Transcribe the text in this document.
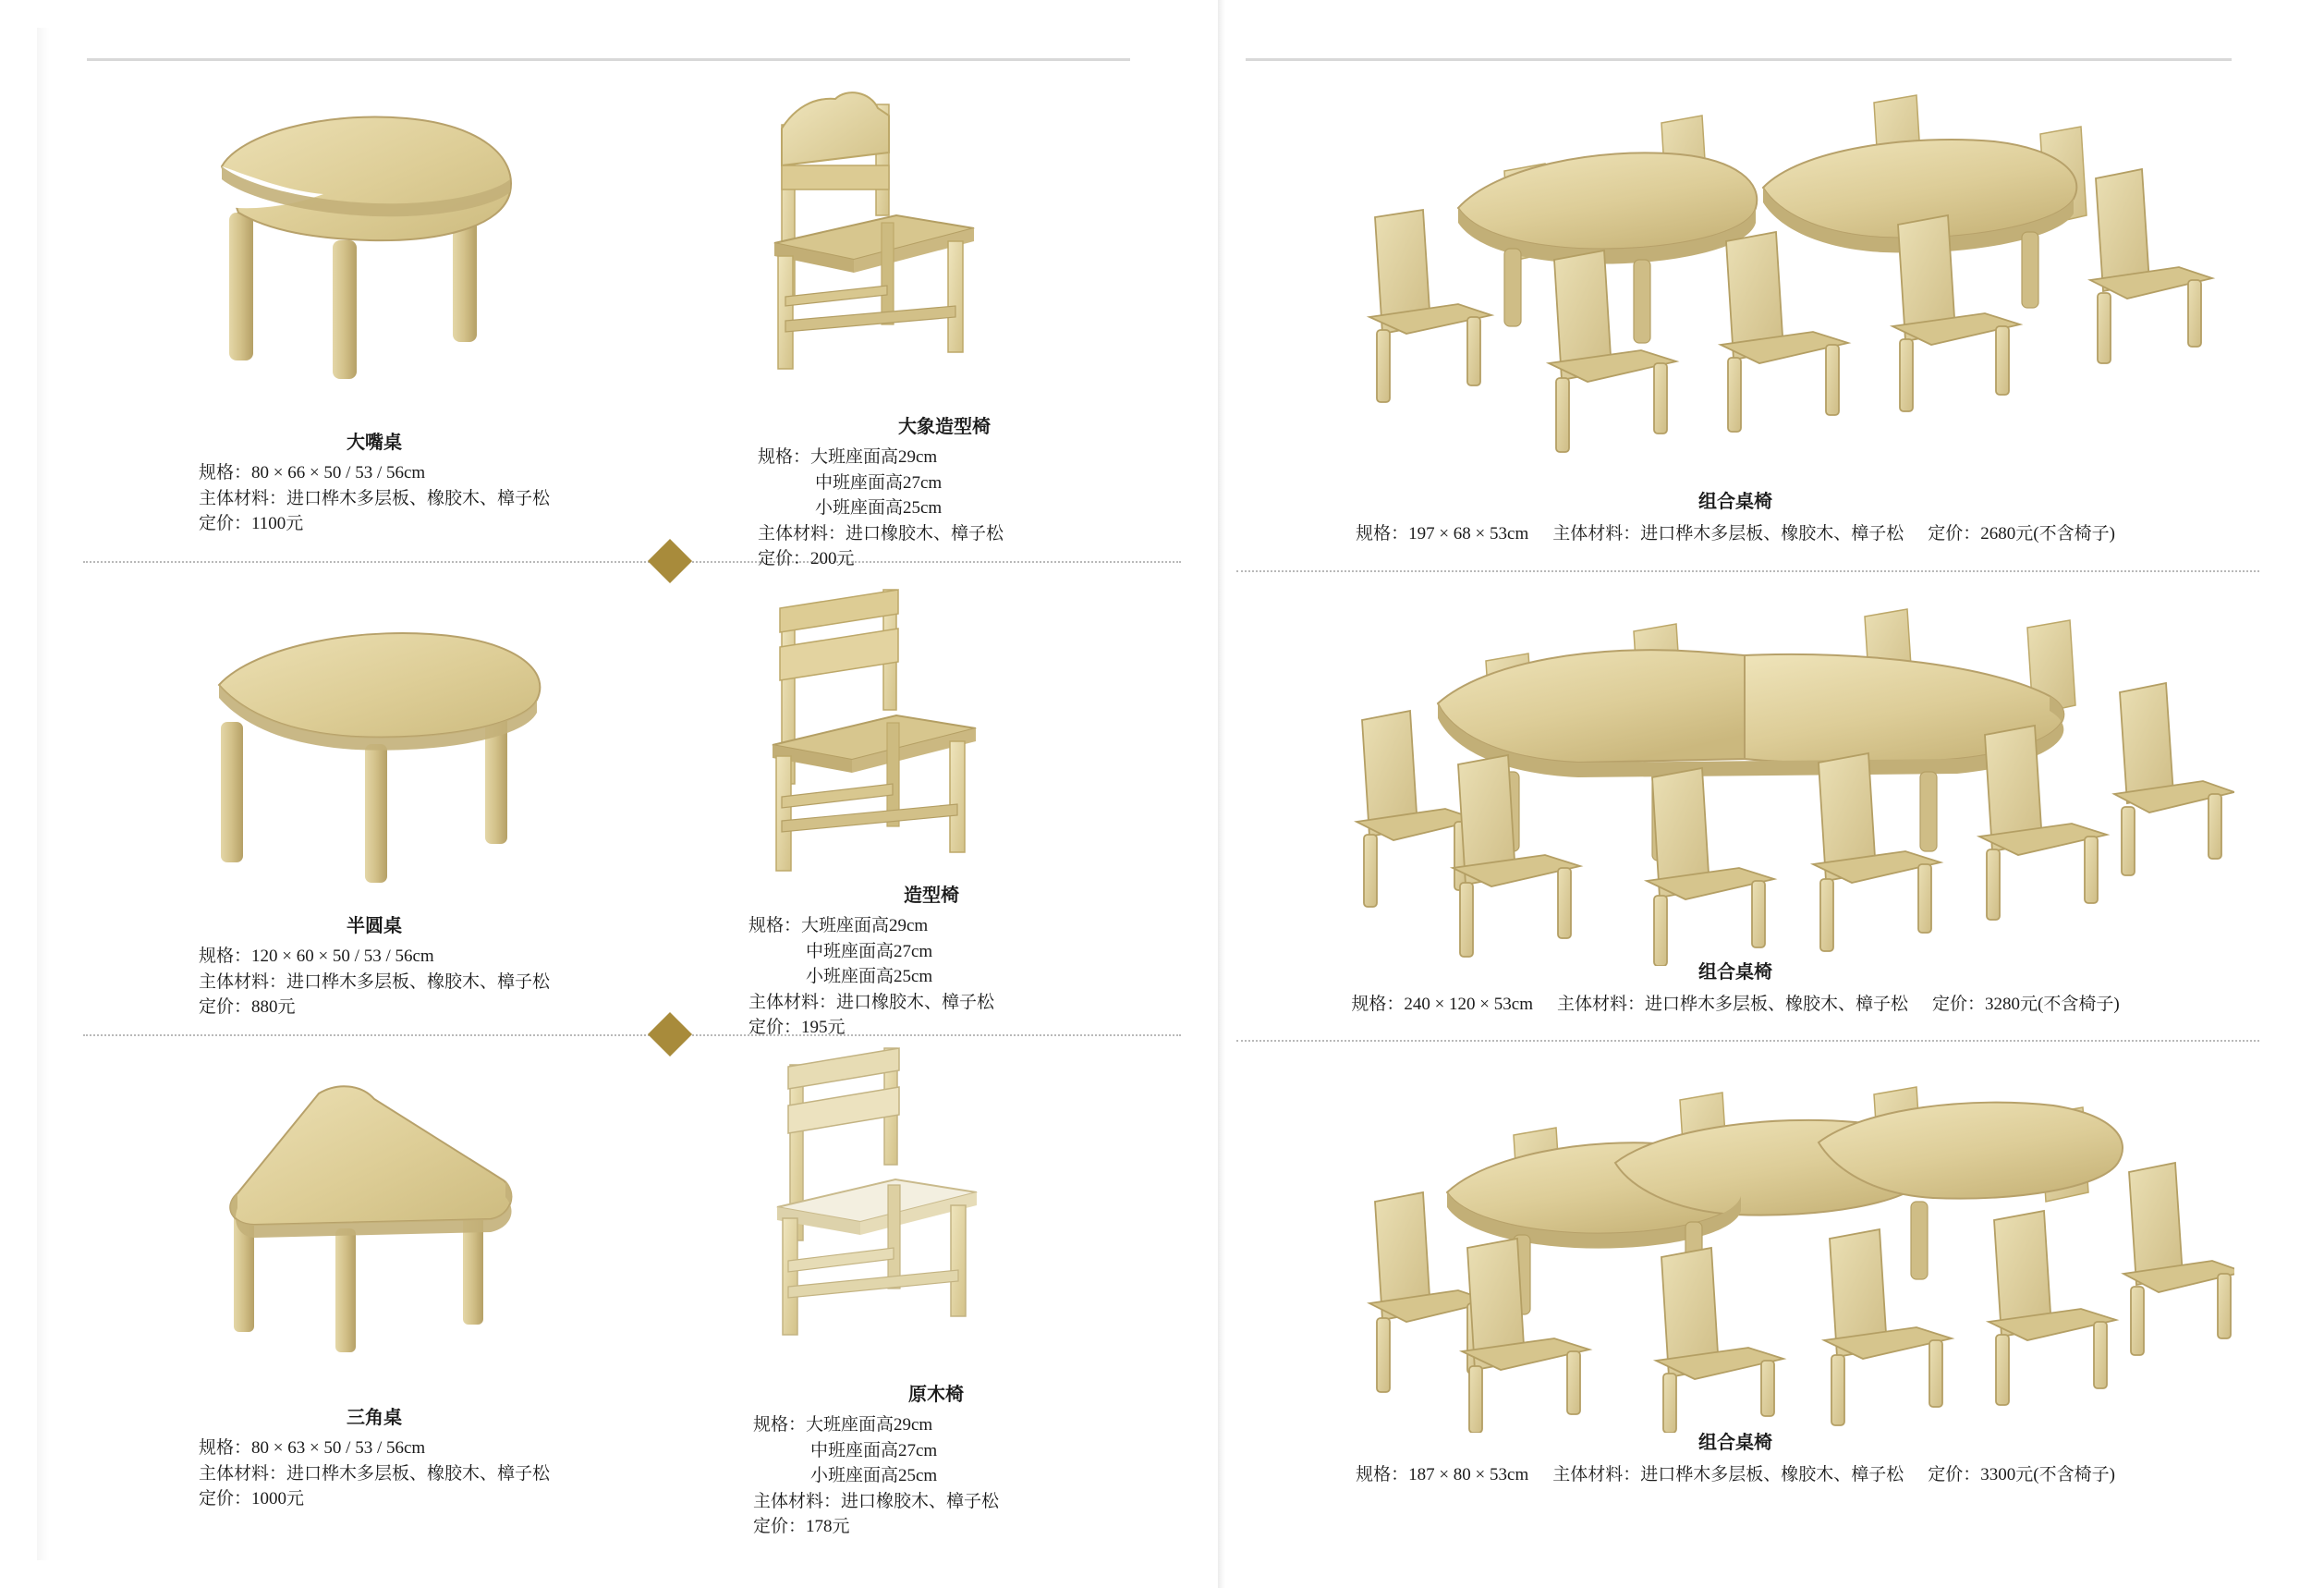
大嘴桌
规格：80 × 66 × 50 / 53 / 56cm
主体材料：进口桦木多层板、橡胶木、樟子松
定价：1100元
大象造型椅
规格：大班座面高29cm
中班座面高27cm
小班座面高25cm
主体材料：进口橡胶木、樟子松
定价：200元
半圆桌
规格：120 × 60 × 50 / 53 / 56cm
主体材料：进口桦木多层板、橡胶木、樟子松
定价：880元
造型椅
规格：大班座面高29cm
中班座面高27cm
小班座面高25cm
主体材料：进口橡胶木、樟子松
定价：195元
三角桌
规格：80 × 63 × 50 / 53 / 56cm
主体材料：进口桦木多层板、橡胶木、樟子松
定价：1000元
原木椅
规格：大班座面高29cm
中班座面高27cm
小班座面高25cm
主体材料：进口橡胶木、樟子松
定价：178元
组合桌椅
规格：197 × 68 × 53cm 主体材料：进口桦木多层板、橡胶木、樟子松 定价：2680元(不含椅子)
组合桌椅
规格：240 × 120 × 53cm 主体材料：进口桦木多层板、橡胶木、樟子松 定价：3280元(不含椅子)
组合桌椅
规格：187 × 80 × 53cm 主体材料：进口桦木多层板、橡胶木、樟子松 定价：3300元(不含椅子)
